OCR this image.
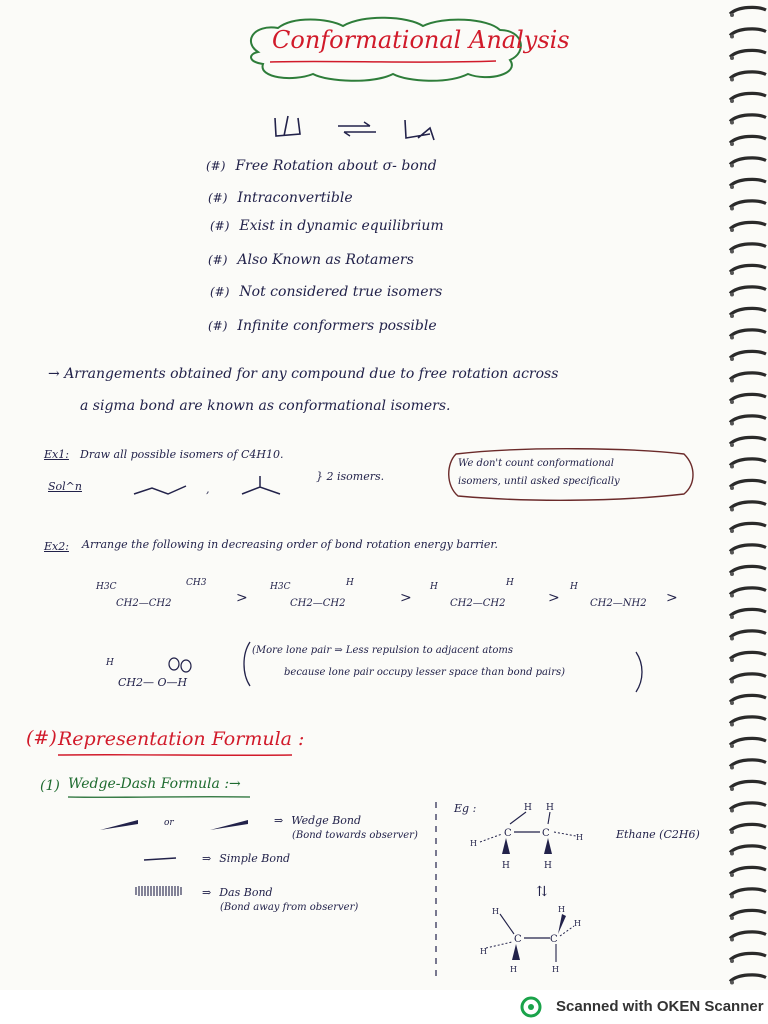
Conformational Analysis
(#) Free Rotation about σ- bond
(#) Intraconvertible
(#) Exist in dynamic equilibrium
(#) Also Known as Rotamers
(#) Not considered true isomers
(#) Infinite conformers possible
→ Arrangements obtained for any compound due to free rotation across
a sigma bond are known as conformational isomers.
Ex1: Draw all possible isomers of C4H10.
Sol^n	,
} 2 isomers.
We don't count conformational
isomers, until asked specifically
Ex2: Arrange the following in decreasing order of bond rotation energy barrier.
H3C	CH3
CH2—CH2	>
H3C	H
CH2—CH2	>
H	H
CH2—CH2	>
H
CH2—NH2 >
H
CH2— O—H
(More lone pair ⇒ Less repulsion to adjacent atoms
because lone pair occupy lesser space than bond pairs)
(#) Representation Formula :
(1) Wedge-Dash Formula :→
or	⇒ Wedge Bond
(Bond towards observer)
⇒ Simple Bond
⇒ Das Bond
(Bond away from observer)
Eg :	H H
C	C
H
H
H	H
Ethane (C2H6)
⇅
H
C	C
H
H
H
H
H
Scanned with OKEN Scanner
